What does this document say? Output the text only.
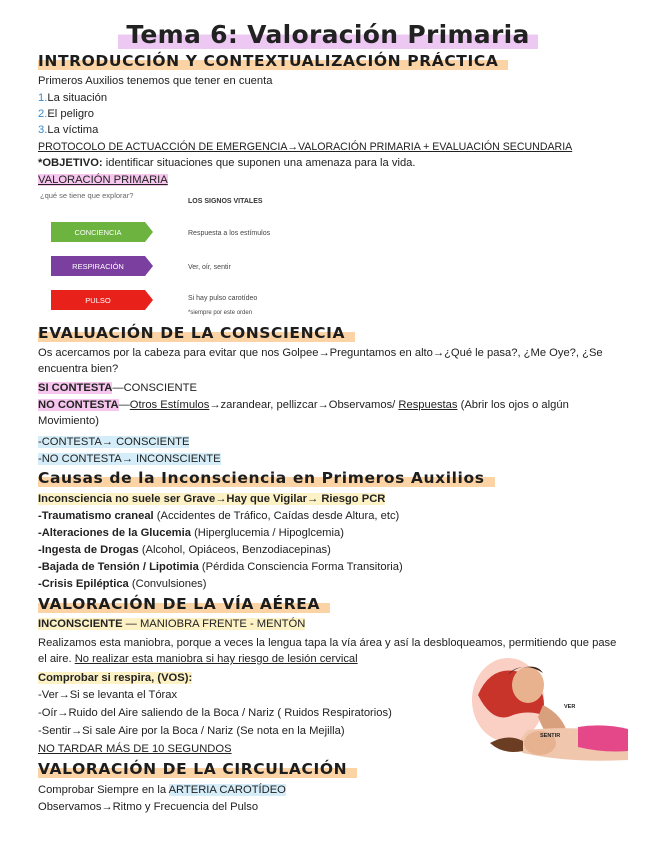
Tema 6: Valoración Primaria
INTRODUCCIÓN Y CONTEXTUALIZACIÓN PRÁCTICA
Primeros Auxilios tenemos que tener en cuenta
1.La situación
2.El peligro
3.La víctima
PROTOCOLO DE ACTUACCIÓN DE EMERGENCIA→VALORACIÓN PRIMARIA + EVALUACIÓN SECUNDARIA
*OBJETIVO: identificar situaciones que suponen una amenaza para la vida.
VALORACIÓN PRIMARIA
¿qué se tiene que explorar?
LOS SIGNOS VITALES
CONCIENCIA	Respuesta a los estímulos
RESPIRACIÓN	Ver, oír, sentir
PULSO	Si hay pulso carotídeo
*siempre por este orden
EVALUACIÓN DE LA CONSCIENCIA
Os acercamos por la cabeza para evitar que nos Golpee→Preguntamos en alto→¿Qué le pasa?, ¿Me Oye?, ¿Se encuentra bien?
SI CONTESTA—CONSCIENTE
NO CONTESTA—Otros Estímulos→zarandear, pellizcar→Observamos/ Respuestas (Abrir los ojos o algún Movimiento)
-CONTESTA→ CONSCIENTE
-NO CONTESTA→ INCONSCIENTE
Causas de la Inconsciencia en Primeros Auxilios
Inconsciencia no suele ser Grave→Hay que Vigilar→ Riesgo PCR
-Traumatismo craneal (Accidentes de Tráfico, Caídas desde Altura, etc)
-Alteraciones de la Glucemia (Hiperglucemia / Hipoglcemia)
-Ingesta de Drogas (Alcohol, Opiáceos, Benzodiacepinas)
-Bajada de Tensión / Lipotimia (Pérdida Consciencia Forma Transitoria)
-Crisis Epiléptica (Convulsiones)
VALORACIÓN DE LA VÍA AÉREA
INCONSCIENTE — MANIOBRA FRENTE - MENTÓN
Realizamos esta maniobra, porque a veces la lengua tapa la vía área y así la desbloqueamos, permitiendo que pase el aire. No realizar esta maniobra si hay riesgo de lesión cervical
Comprobar si respira, (VOS):
-Ver→Si se levanta el Tórax
-Oír→Ruido del Aire saliendo de la Boca / Nariz ( Ruidos Respiratorios)
-Sentir→Si sale Aire por la Boca / Nariz (Se nota en la Mejilla)
NO TARDAR MÁS DE 10 SEGUNDOS
VER
SENTIR
VALORACIÓN DE LA CIRCULACIÓN
Comprobar Siempre en la ARTERIA CAROTÍDEO
Observamos→Ritmo y Frecuencia del Pulso
